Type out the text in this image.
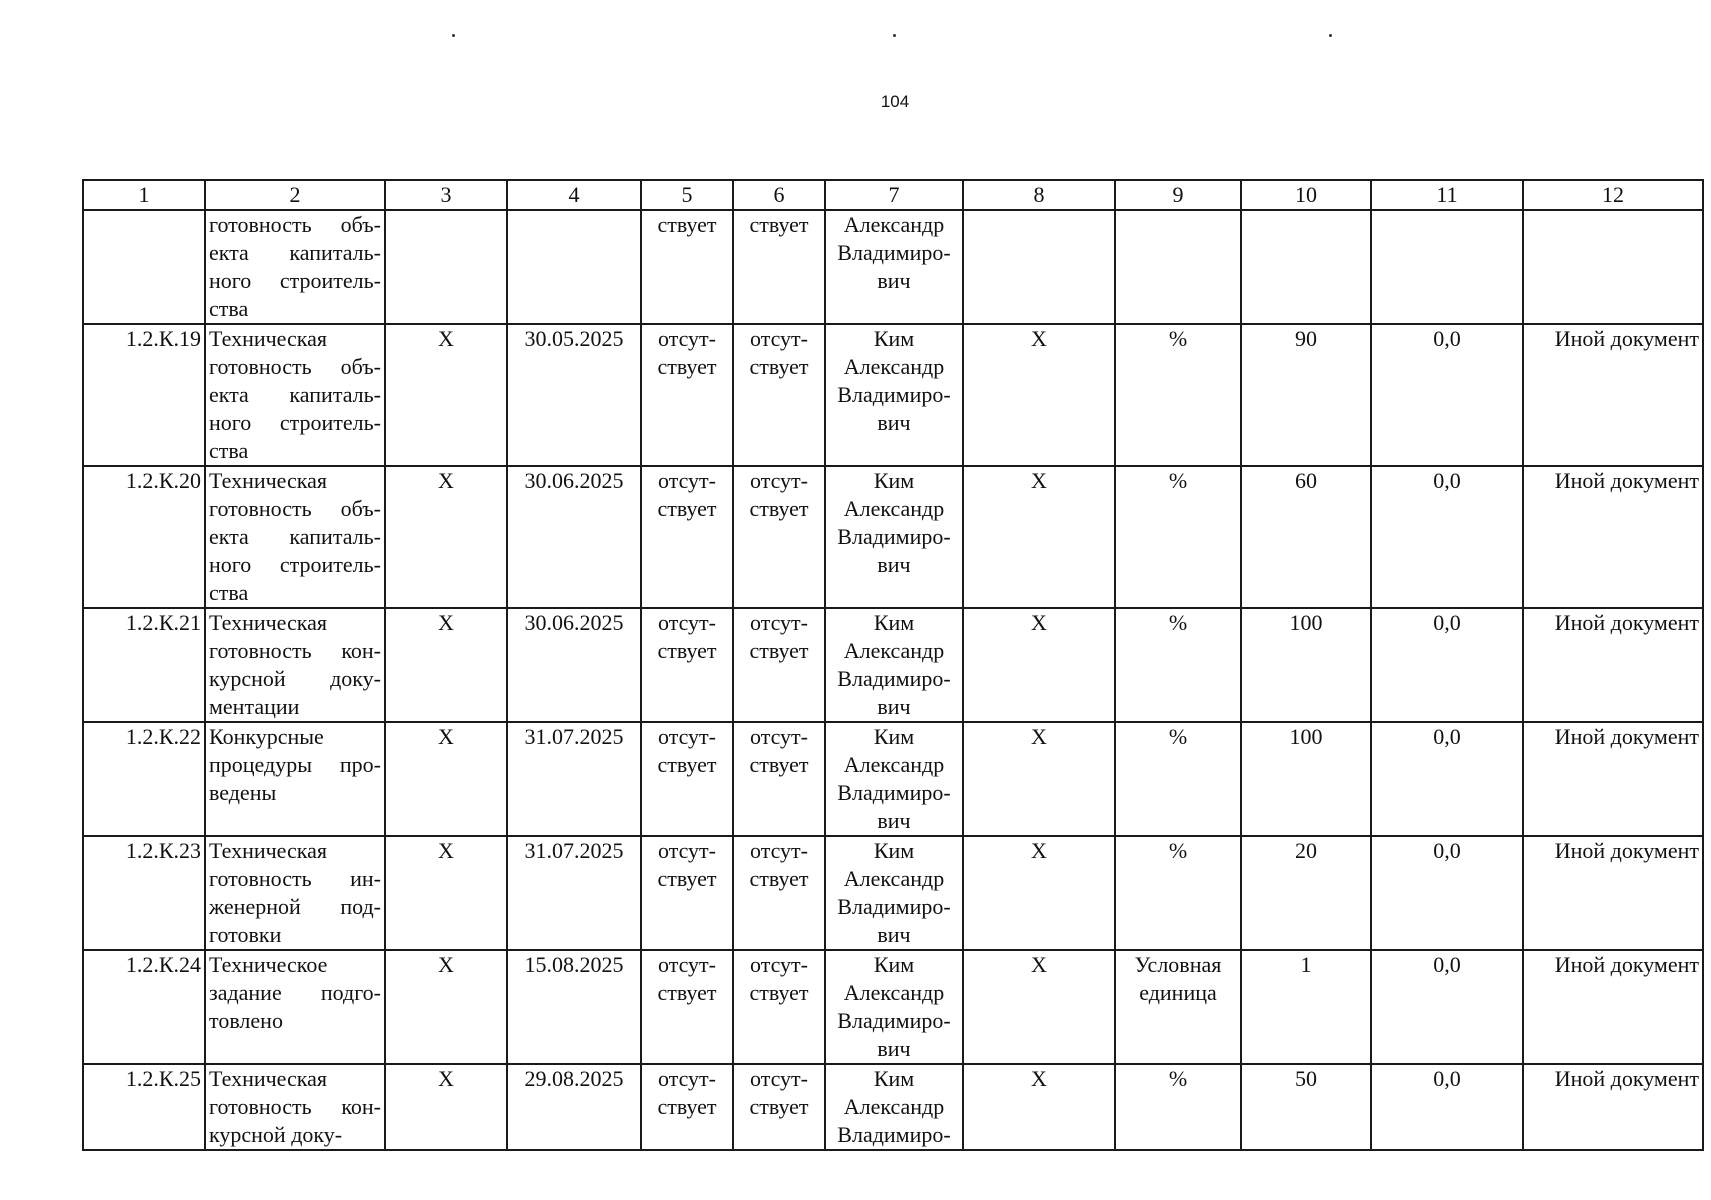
104
1	2	3	4	5	6	7	8	9	10	11	12
	готовность объ-екта капиталь-ного строитель-ства			ствует	ствует	Александр Владимиро-вич					
1.2.К.19	Техническая готовность объ-екта капиталь-ного строитель-ства	Х	30.05.2025	отсут-ствует	отсут-ствует	Ким Александр Владимиро-вич	Х	%	90	0,0	Иной документ
1.2.К.20	Техническая готовность объ-екта капиталь-ного строитель-ства	Х	30.06.2025	отсут-ствует	отсут-ствует	Ким Александр Владимиро-вич	Х	%	60	0,0	Иной документ
1.2.К.21	Техническая готовность кон-курсной доку-ментации	Х	30.06.2025	отсут-ствует	отсут-ствует	Ким Александр Владимиро-вич	Х	%	100	0,0	Иной документ
1.2.К.22	Конкурсные процедуры про-ведены	Х	31.07.2025	отсут-ствует	отсут-ствует	Ким Александр Владимиро-вич	Х	%	100	0,0	Иной документ
1.2.К.23	Техническая готовность ин-женерной под-готовки	Х	31.07.2025	отсут-ствует	отсут-ствует	Ким Александр Владимиро-вич	Х	%	20	0,0	Иной документ
1.2.К.24	Техническое задание подго-товлено	Х	15.08.2025	отсут-ствует	отсут-ствует	Ким Александр Владимиро-вич	Х	Условная единица	1	0,0	Иной документ
1.2.К.25	Техническая готовность кон-курсной доку-	Х	29.08.2025	отсут-ствует	отсут-ствует	Ким Александр Владимиро-	Х	%	50	0,0	Иной документ
